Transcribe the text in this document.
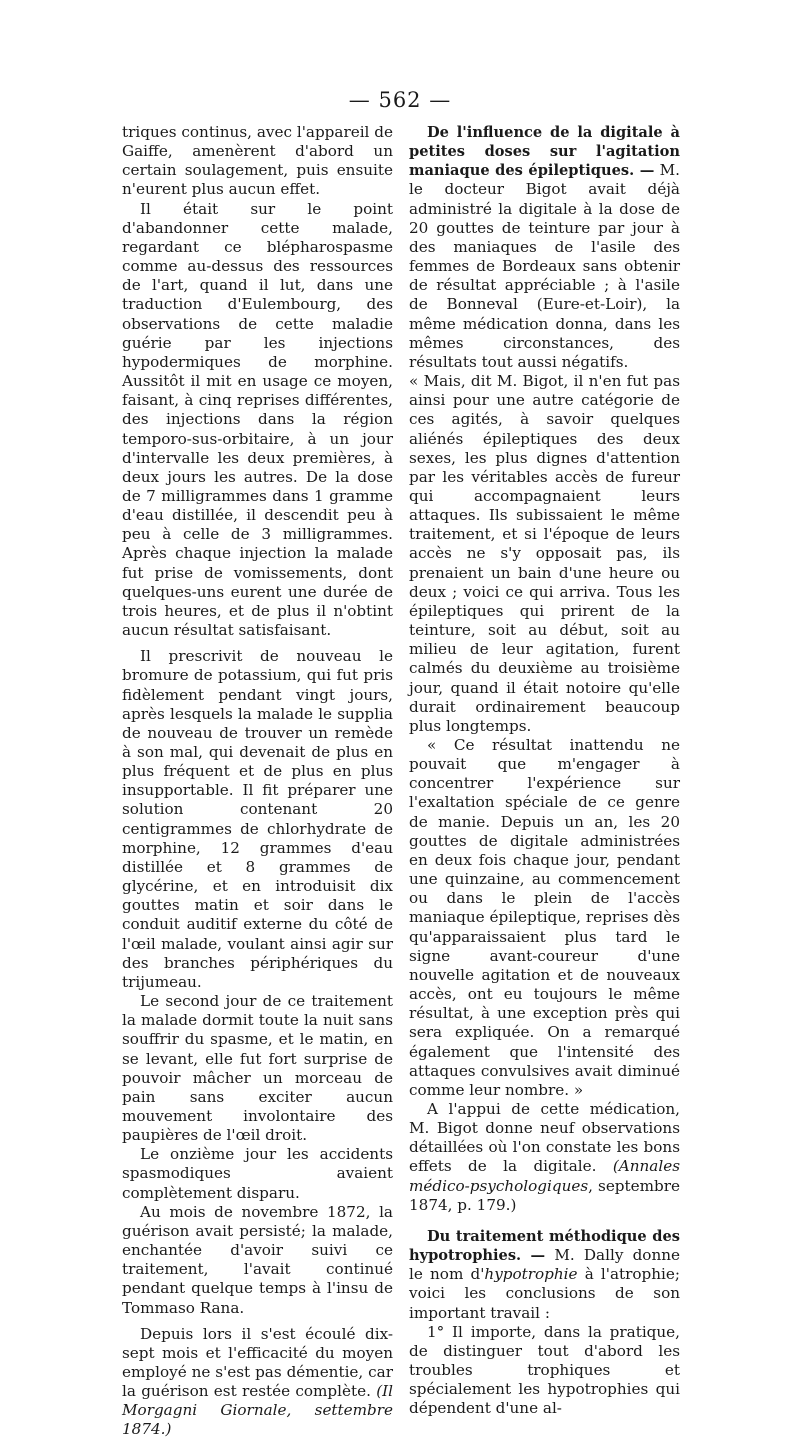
— 562 —

triques continus, avec l'appareil de Gaiffe, amenèrent d'abord un certain soulagement, puis ensuite n'eurent plus aucun effet.

Il était sur le point d'abandonner cette malade, regardant ce blépharospasme comme au-dessus des ressources de l'art, quand il lut, dans une traduction d'Eulembourg, des observations de cette maladie guérie par les injections hypodermiques de morphine. Aussitôt il mit en usage ce moyen, faisant, à cinq reprises différentes, des injections dans la région temporo-sus-orbitaire, à un jour d'intervalle les deux premières, à deux jours les autres. De la dose de 7 milligrammes dans 1 gramme d'eau distillée, il descendit peu à peu à celle de 3 milligrammes. Après chaque injection la malade fut prise de vomissements, dont quelques-uns eurent une durée de trois heures, et de plus il n'obtint aucun résultat satisfaisant.

Il prescrivit de nouveau le bromure de potassium, qui fut pris fidèlement pendant vingt jours, après lesquels la malade le supplia de nouveau de trouver un remède à son mal, qui devenait de plus en plus fréquent et de plus en plus insupportable. Il fit préparer une solution contenant 20 centigrammes de chlorhydrate de morphine, 12 grammes d'eau distillée et 8 grammes de glycérine, et en introduisit dix gouttes matin et soir dans le conduit auditif externe du côté de l'œil malade, voulant ainsi agir sur des branches périphériques du trijumeau.

Le second jour de ce traitement la malade dormit toute la nuit sans souffrir du spasme, et le matin, en se levant, elle fut fort surprise de pouvoir mâcher un morceau de pain sans exciter aucun mouvement involontaire des paupières de l'œil droit.

Le onzième jour les accidents spasmodiques avaient complètement disparu.

Au mois de novembre 1872, la guérison avait persisté; la malade, enchantée d'avoir suivi ce traitement, l'avait continué pendant quelque temps à l'insu de Tommaso Rana.

Depuis lors il s'est écoulé dix-sept mois et l'efficacité du moyen employé ne s'est pas démentie, car la guérison est restée complète. (Il Morgagni Giornale, settembre 1874.)

De l'influence de la digitale à petites doses sur l'agitation maniaque des épileptiques. — M. le docteur Bigot avait déjà administré la digitale à la dose de 20 gouttes de teinture par jour à des maniaques de l'asile des femmes de Bordeaux sans obtenir de résultat appréciable ; à l'asile de Bonneval (Eure-et-Loir), la même médication donna, dans les mêmes circonstances, des résultats tout aussi négatifs.

« Mais, dit M. Bigot, il n'en fut pas ainsi pour une autre catégorie de ces agités, à savoir quelques aliénés épileptiques des deux sexes, les plus dignes d'attention par les véritables accès de fureur qui accompagnaient leurs attaques. Ils subissaient le même traitement, et si l'époque de leurs accès ne s'y opposait pas, ils prenaient un bain d'une heure ou deux ; voici ce qui arriva. Tous les épileptiques qui prirent de la teinture, soit au début, soit au milieu de leur agitation, furent calmés du deuxième au troisième jour, quand il était notoire qu'elle durait ordinairement beaucoup plus longtemps.

« Ce résultat inattendu ne pouvait que m'engager à concentrer l'expérience sur l'exaltation spéciale de ce genre de manie. Depuis un an, les 20 gouttes de digitale administrées en deux fois chaque jour, pendant une quinzaine, au commencement ou dans le plein de l'accès maniaque épileptique, reprises dès qu'apparaissaient plus tard le signe avant-coureur d'une nouvelle agitation et de nouveaux accès, ont eu toujours le même résultat, à une exception près qui sera expliquée. On a remarqué également que l'intensité des attaques convulsives avait diminué comme leur nombre. »

A l'appui de cette médication, M. Bigot donne neuf observations détaillées où l'on constate les bons effets de la digitale. (Annales médico-psychologiques, septembre 1874, p. 179.)

Du traitement méthodique des hypotrophies. — M. Dally donne le nom d'hypotrophie à l'atrophie; voici les conclusions de son important travail :

1° Il importe, dans la pratique, de distinguer tout d'abord les troubles trophiques et spécialement les hypotrophies qui dépendent d'une al-
